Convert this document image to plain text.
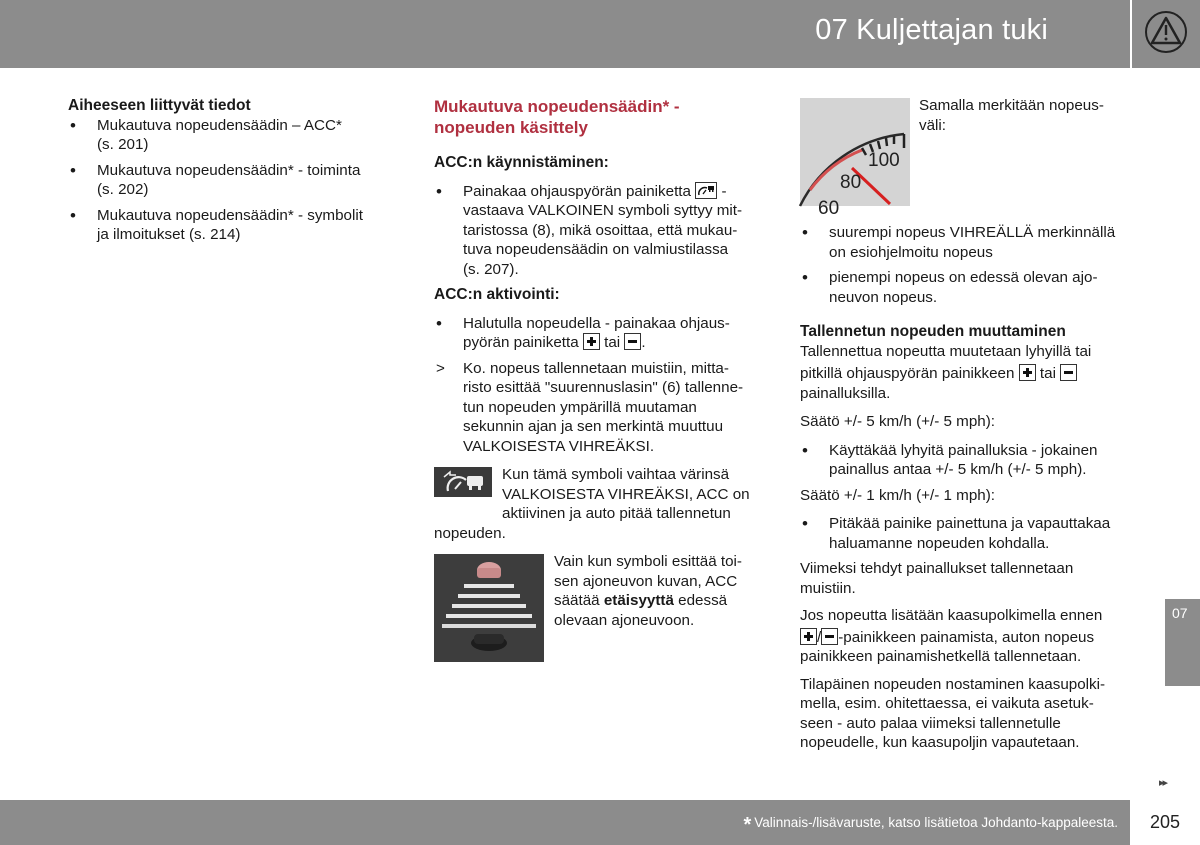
07 Kuljettajan tuki
Aiheeseen liittyvät tiedot
• Mukautuva nopeudensäädin – ACC*
(s. 201)
• Mukautuva nopeudensäädin* - toiminta
(s. 202)
• Mukautuva nopeudensäädin* - symbolit
ja ilmoitukset (s. 214)
Mukautuva nopeudensäädin* -
nopeuden käsittely
ACC:n käynnistäminen:
• Painakaa ohjauspyörän painiketta -
vastaava VALKOINEN symboli syttyy mit-
taristossa (8), mikä osoittaa, että mukau-
tuva nopeudensäädin on valmiustilassa
(s. 207).
ACC:n aktivointi:
• Halutulla nopeudella - painakaa ohjaus-
pyörän painiketta tai .
> Ko. nopeus tallennetaan muistiin, mitta-
risto esittää "suurennuslasin" (6) tallenne-
tun nopeuden ympärillä muutaman
sekunnin ajan ja sen merkintä muuttuu
VALKOISESTA VIHREÄKSI.

Kun tämä symboli vaihtaa värinsä

VALKOISESTA VIHREÄKSI, ACC on

aktiivinen ja auto pitää tallennetun

nopeuden.

Vain kun symboli esittää toi-

sen ajoneuvon kuvan, ACC

säätää etäisyyttä edessä

olevaan ajoneuvoon.

100
80
60

Samalla merkitään nopeus-

väli:

• suurempi nopeus VIHREÄLLÄ merkinnällä
on esiohjelmoitu nopeus
• pienempi nopeus on edessä olevan ajo-
neuvon nopeus.
Tallennetun nopeuden muuttaminen

Tallennettua nopeutta muutetaan lyhyillä tai

pitkillä ohjauspyörän painikkeen tai

painalluksilla.

Säätö +/- 5 km/h (+/- 5 mph):

• Käyttäkää lyhyitä painalluksia - jokainen
painallus antaa +/- 5 km/h (+/- 5 mph).

Säätö +/- 1 km/h (+/- 1 mph):

• Pitäkää painike painettuna ja vapauttakaa
haluamanne nopeuden kohdalla.

Viimeksi tehdyt painallukset tallennetaan

muistiin.

Jos nopeutta lisätään kaasupolkimella ennen

/ -painikkeen painamista, auton nopeus

painikkeen painamishetkellä tallennetaan.

Tilapäinen nopeuden nostaminen kaasupolki-

mella, esim. ohitettaessa, ei vaikuta asetuk-

seen - auto palaa viimeksi tallennetulle

nopeudelle, kun kaasupoljin vapautetaan.

07
▸▸
* Valinnais-/lisävaruste, katso lisätietoa Johdanto-kappaleesta. 205
